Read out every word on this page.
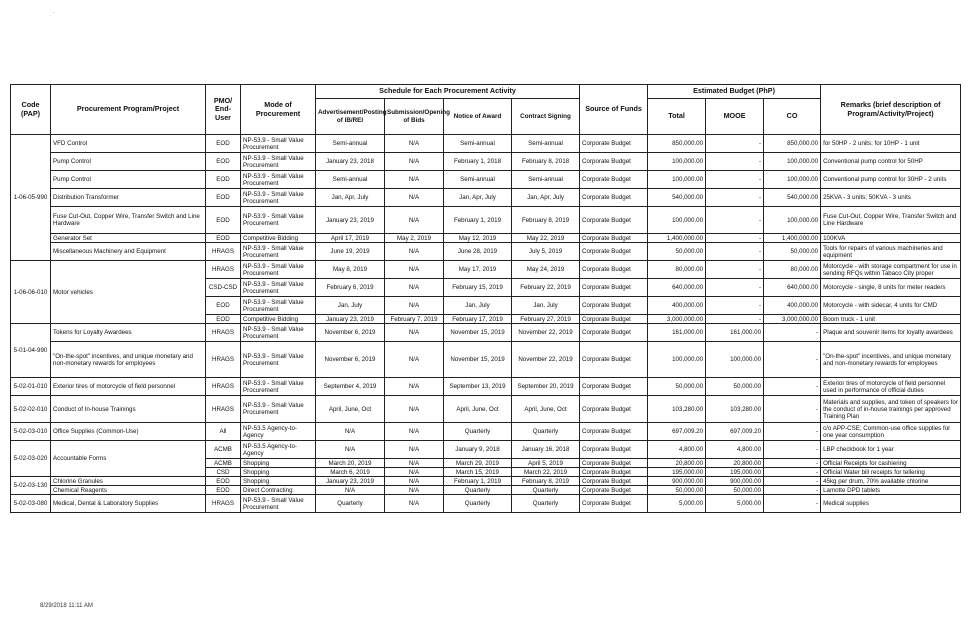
. ˘
Code (PAP)	Procurement Program/Project	PMO/ End-User	Mode of Procurement	Schedule for Each Procurement Activity				Source of Funds	Estimated Budget (PhP)			Remarks (brief description of Program/Activity/Project)
				Advertisement/Posting of IB/REI	Submission/Opening of Bids	Notice of Award	Contract Signing		Total	MOOE	CO	
1-06-05-990	VFD Control	EOD	NP-53.9 - Small Value Procurement	Semi-annual	N/A	Semi-annual	Semi-annual	Corporate Budget	850,000.00	-	850,000.00	for 50HP - 2 units; for 10HP - 1 unit
	Pump Control	EOD	NP-53.9 - Small Value Procurement	January 23, 2018	N/A	February 1, 2018	February 8, 2018	Corporate Budget	100,000.00	-	100,000.00	Conventional pump control for 50HP
	Pump Control	EOD	NP-53.9 - Small Value Procurement	Semi-annual	N/A	Semi-annual	Semi-annual	Corporate Budget	100,000.00	-	100,000.00	Conventional pump control for 30HP - 2 units
	Distribution Transformer	EOD	NP-53.9 - Small Value Procurement	Jan, Apr, July	N/A	Jan, Apr, July	Jan, Apr, July	Corporate Budget	540,000.00	-	540,000.00	25KVA - 3 units; 50KVA - 3 units
	Fuse Cut-Out, Copper Wire, Transfer Switch and Line Hardware	EOD	NP-53.9 - Small Value Procurement	January 23, 2019	N/A	February 1, 2019	February 8, 2019	Corporate Budget	100,000.00	-	100,000.00	Fuse Cut-Out, Copper Wire, Transfer Switch and Line Hardware
	Generator Set	EOD	Competitive Bidding	April 17, 2019	May 2, 2019	May 12, 2019	May 22, 2019	Corporate Budget	1,400,000.00	-	1,400,000.00	100KVA
	Miscellaneous Machinery and Equipment	HRAGS	NP-53.9 - Small Value Procurement	June 19, 2019	N/A	June 28, 2019	July 5, 2019	Corporate Budget	50,000.00	-	50,000.00	Tools for repairs of various machineries and equipment
1-06-06-010	Motor vehicles	HRAGS	NP-53.9 - Small Value Procurement	May 8, 2019	N/A	May 17, 2019	May 24, 2019	Corporate Budget	80,000.00	-	80,000.00	Motorcycle - with storage compartment for use in sending RFQs within Tabaco City proper
		CSD-CSD	NP-53.9 - Small Value Procurement	February 6, 2019	N/A	February 15, 2019	February 22, 2019	Corporate Budget	640,000.00	-	640,000.00	Motorcycle - single, 8 units for meter readers
		EOD	NP-53.9 - Small Value Procurement	Jan, July	N/A	Jan, July	Jan, July	Corporate Budget	400,000.00	-	400,000.00	Motorcycle - with sidecar, 4 units for CMD
		EOD	Competitive Bidding	January 23, 2019	February 7, 2019	February 17, 2019	February 27, 2019	Corporate Budget	3,000,000.00	-	3,000,000.00	Boom truck - 1 unit
5-01-04-990	Tokens for Loyalty Awardees	HRAGS	NP-53.9 - Small Value Procurement	November 6, 2019	N/A	November 15, 2019	November 22, 2019	Corporate Budget	161,000.00	161,000.00	-	Plaque and souvenir items for loyalty awardees
	"On-the-spot" incentives, and unique monetary and non-monetary rewards for employees	HRAGS	NP-53.9 - Small Value Procurement	November 6, 2019	N/A	November 15, 2019	November 22, 2019	Corporate Budget	100,000.00	100,000.00	-	"On-the-spot" incentives, and unique monetary and non-monetary rewards for employees
5-02-01-010	Exterior tires of motorcycle of field personnel	HRAGS	NP-53.9 - Small Value Procurement	September 4, 2019	N/A	September 13, 2019	September 20, 2019	Corporate Budget	50,000.00	50,000.00	-	Exterior tires of motorcycle of field personnel used in performance of official duties
5-02-02-010	Conduct of In-house Trainings	HRAGS	NP-53.9 - Small Value Procurement	April, June, Oct	N/A	April, June, Oct	April, June, Oct	Corporate Budget	103,280.00	103,280.00	-	Materials and supplies, and token of speakers for the conduct of in-house trainings per approved Training Plan
5-02-03-010	Office Supplies (Common-Use)	All	NP-53.5 Agency-to-Agency	N/A	N/A	Quarterly	Quarterly	Corporate Budget	697,009.20	697,009.20	-	c/o APP-CSE; Common-use office supplies for one year consumption
5-02-03-020	Accountable Forms	ACMB	NP-53.5 Agency-to-Agency	N/A	N/A	January 9, 2018	January 16, 2018	Corporate Budget	4,800.00	4,800.00	-	LBP checkbook for 1 year
		ACMB	Shopping	March 20, 2019	N/A	March 29, 2019	April 5, 2019	Corporate Budget	20,800.00	20,800.00	-	Official Receipts for cashiering
		CSD	Shopping	March 6, 2019	N/A	March 15, 2019	March 22, 2019	Corporate Budget	195,000.00	195,000.00	-	Official Water bill receipts for tellering
5-02-03-130	Chlorine Granules	EOD	Shopping	January 23, 2019	N/A	February 1, 2019	February 8, 2019	Corporate Budget	900,000.00	900,000.00	-	45kg per drum, 70% available chlorine
	Chemical Reagents	EOD	Direct Contracting	N/A	N/A	Quarterly	Quarterly	Corporate Budget	50,000.00	50,000.00	-	Lamotte DPD tablets
5-02-03-080	Medical, Dental & Laboratory Supplies	HRAGS	NP-53.9 - Small Value Procurement	Quarterly	N/A	Quarterly	Quarterly	Corporate Budget	5,000.00	5,000.00	-	Medical supplies
8/29/2018 11:11 AM
